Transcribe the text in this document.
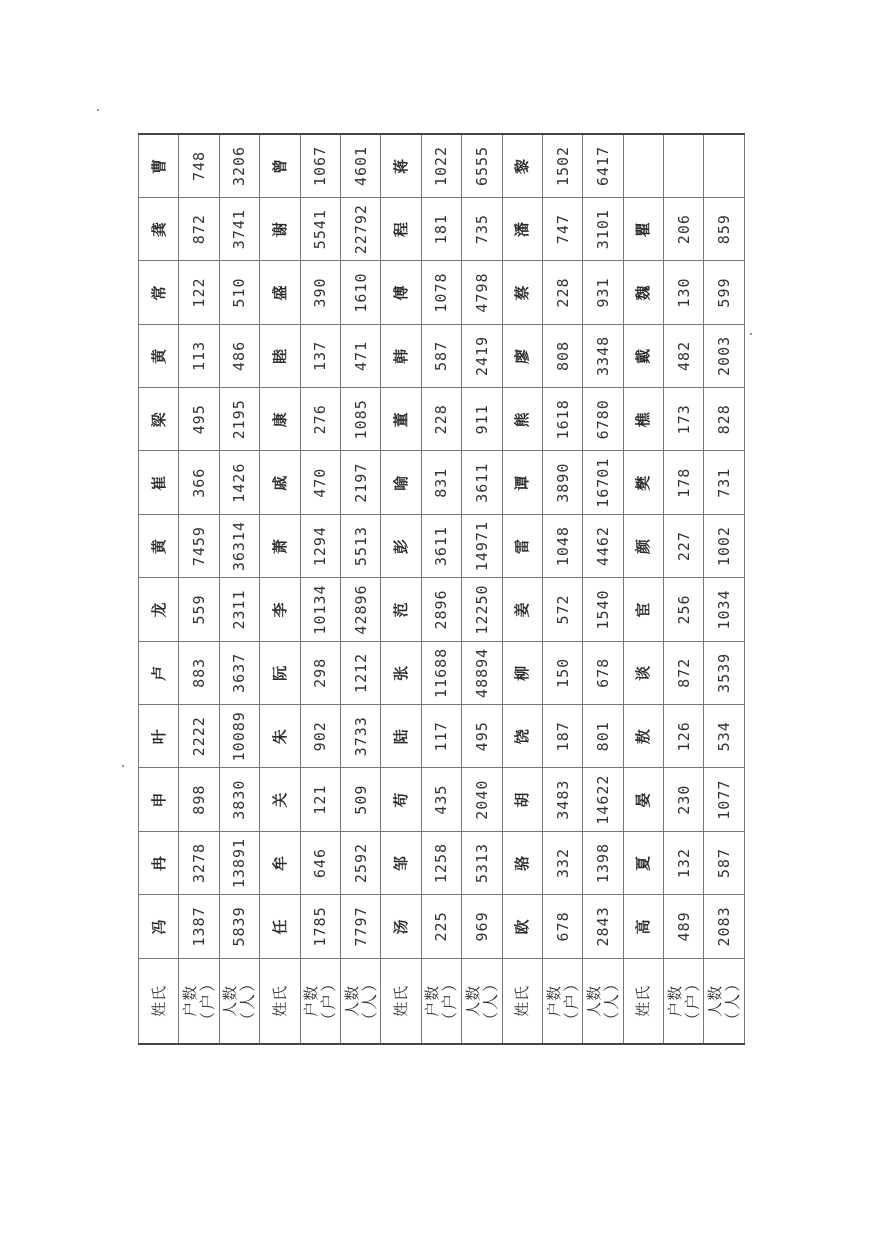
姓氏	冯	冉	申	叶	卢	龙	黄	崔	梁	黄	常	龚	曹

户数 （户）	1387	3278	898	2222	883	559	7459	366	495	113	122	872	748

人数 （人）	5839	13891	3830	10089	3637	2311	36314	1426	2195	486	510	3741	3206
姓氏	任	牟	关	朱	阮	李	萧	戚	康	睦	盛	谢	曾

户数 （户）	1785	646	121	902	298	10134	1294	470	276	137	390	5541	1067

人数 （人）	7797	2592	509	3733	1212	42896	5513	2197	1085	471	1610	22792	4601
姓氏	汤	邹	苟	陆	张	范	彭	喻	董	韩	傅	程	蒋

户数 （户）	225	1258	435	117	11688	2896	3611	831	228	587	1078	181	1022

人数 （人）	969	5313	2040	495	48894	12250	14971	3611	911	2419	4798	735	6555
姓氏	欧	骆	胡	饶	柳	姜	雷	谭	熊	廖	蔡	潘	黎

户数 （户）	678	332	3483	187	150	572	1048	3890	1618	808	228	747	1502

人数 （人）	2843	1398	14622	801	678	1540	4462	16701	6780	3348	931	3101	6417
姓氏	高	夏	晏	敖	谈	宦	颜	樊	樵	戴	魏	瞿	

户数 （户）	489	132	230	126	872	256	227	178	173	482	130	206	

人数 （人）	2083	587	1077	534	3539	1034	1002	731	828	2003	599	859	
